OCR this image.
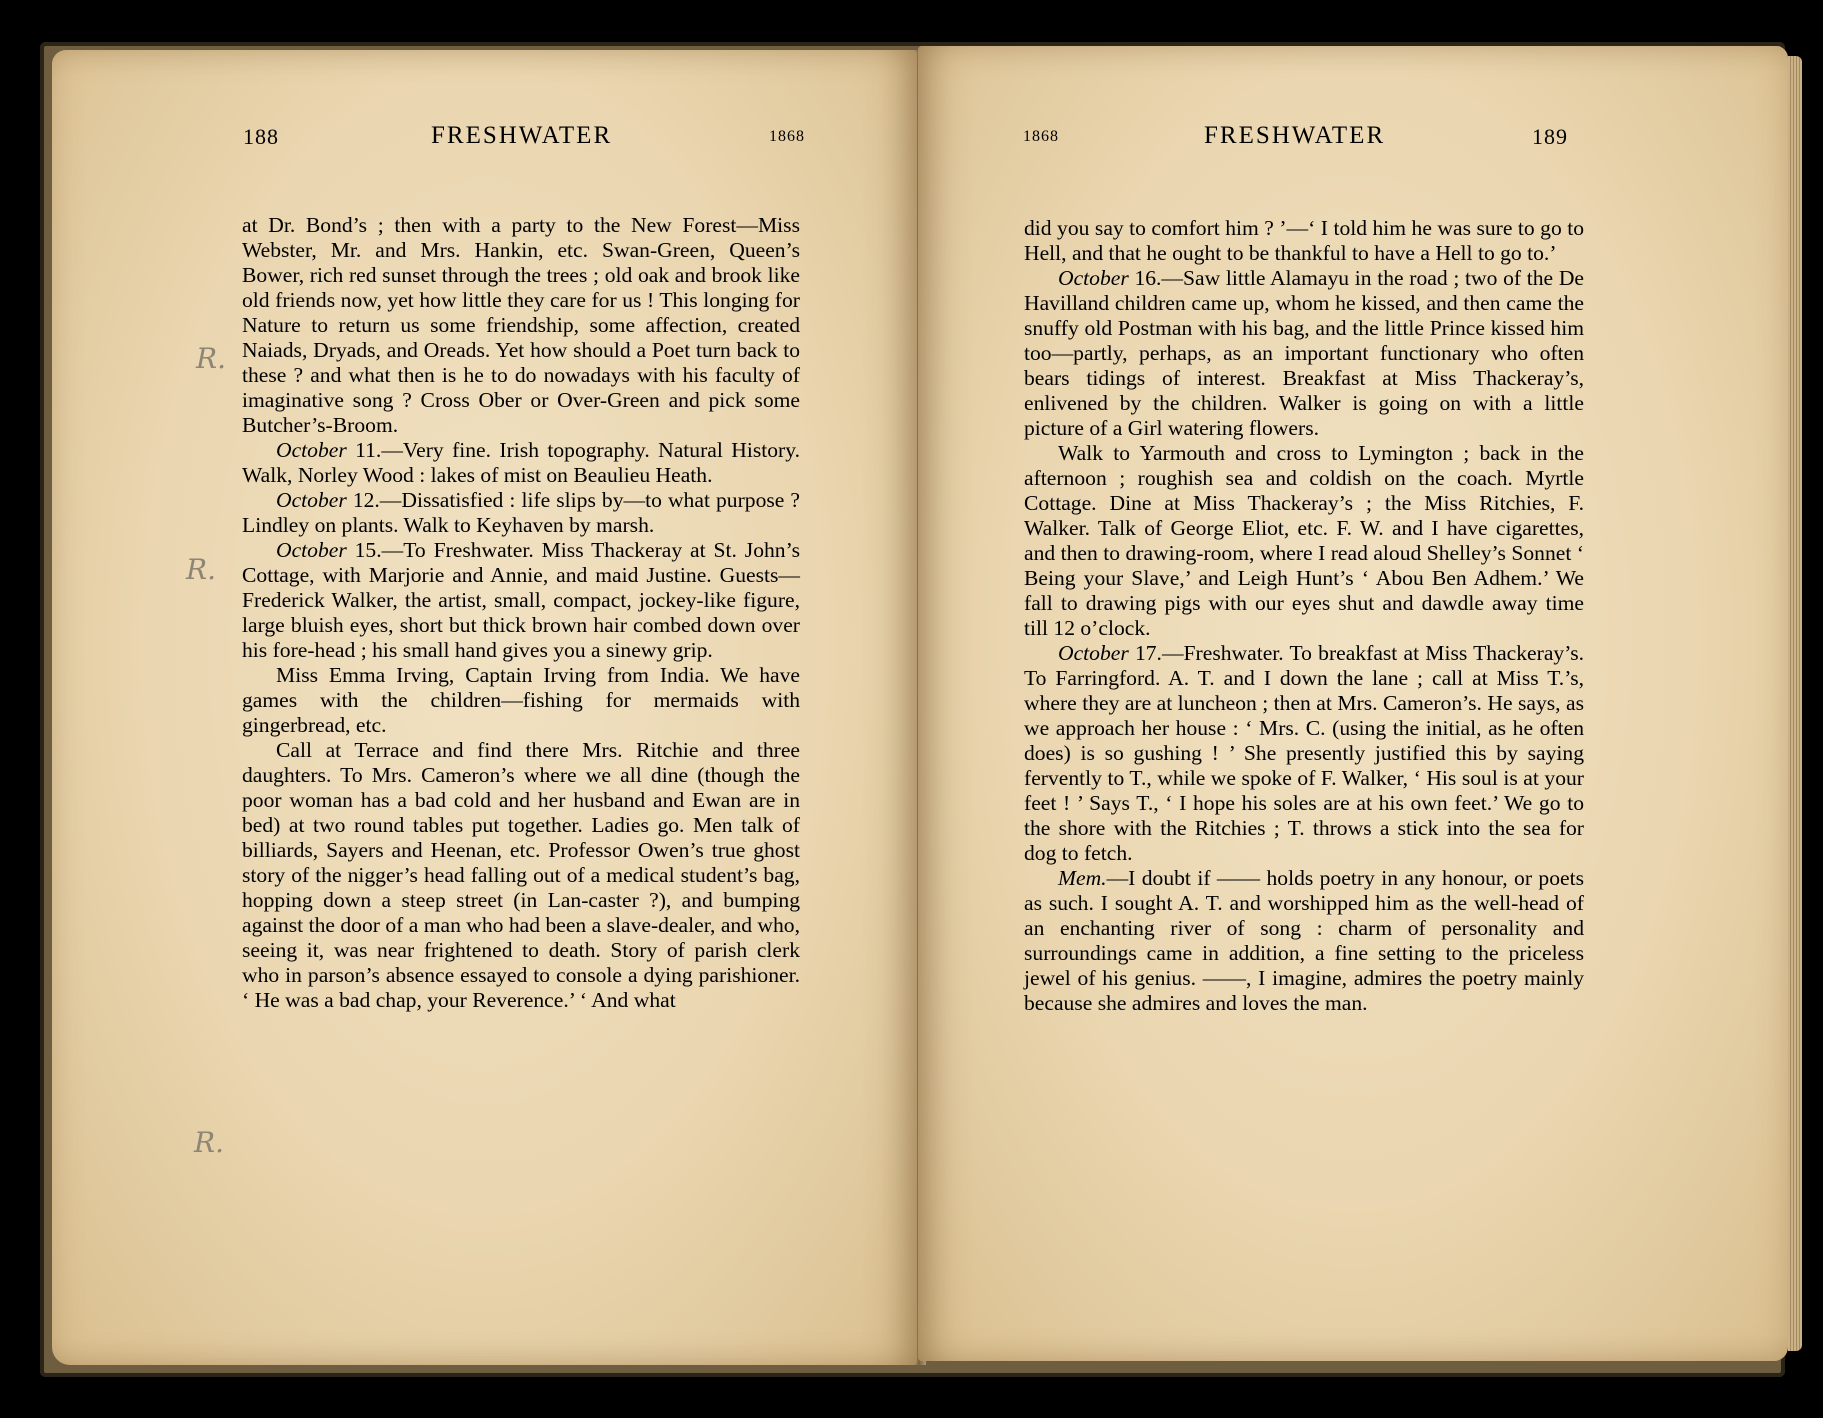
188	FRESHWATER	1868

at Dr. Bond’s ; then with a party to the New Forest—Miss Webster, Mr. and Mrs. Hankin, etc. Swan-Green, Queen’s Bower, rich red sunset through the trees ; old oak and brook like old friends now, yet how little they care for us ! This longing for Nature to return us some friendship, some affection, created Naiads, Dryads, and Oreads. Yet how should a Poet turn back to these ? and what then is he to do nowadays with his faculty of imaginative song ? Cross Ober or Over-Green and pick some Butcher’s-Broom.

October 11.—Very fine. Irish topography. Natural History. Walk, Norley Wood : lakes of mist on Beaulieu Heath.

October 12.—Dissatisfied : life slips by—to what purpose ? Lindley on plants. Walk to Keyhaven by marsh.

October 15.—To Freshwater. Miss Thackeray at St. John’s Cottage, with Marjorie and Annie, and maid Justine. Guests—Frederick Walker, the artist, small, compact, jockey-like figure, large bluish eyes, short but thick brown hair combed down over his fore-head ; his small hand gives you a sinewy grip.

Miss Emma Irving, Captain Irving from India. We have games with the children—fishing for mermaids with gingerbread, etc.

Call at Terrace and find there Mrs. Ritchie and three daughters. To Mrs. Cameron’s where we all dine (though the poor woman has a bad cold and her husband and Ewan are in bed) at two round tables put together. Ladies go. Men talk of billiards, Sayers and Heenan, etc. Professor Owen’s true ghost story of the nigger’s head falling out of a medical student’s bag, hopping down a steep street (in Lan-caster ?), and bumping against the door of a man who had been a slave-dealer, and who, seeing it, was near frightened to death. Story of parish clerk who in parson’s absence essayed to console a dying parishioner. ‘ He was a bad chap, your Reverence.’ ‘ And what

R.
R.
R.
1868	FRESHWATER	189

did you say to comfort him ? ’—‘ I told him he was sure to go to Hell, and that he ought to be thankful to have a Hell to go to.’

October 16.—Saw little Alamayu in the road ; two of the De Havilland children came up, whom he kissed, and then came the snuffy old Postman with his bag, and the little Prince kissed him too—partly, perhaps, as an important functionary who often bears tidings of interest. Breakfast at Miss Thackeray’s, enlivened by the children. Walker is going on with a little picture of a Girl watering flowers.

Walk to Yarmouth and cross to Lymington ; back in the afternoon ; roughish sea and coldish on the coach. Myrtle Cottage. Dine at Miss Thackeray’s ; the Miss Ritchies, F. Walker. Talk of George Eliot, etc. F. W. and I have cigarettes, and then to drawing-room, where I read aloud Shelley’s Sonnet ‘ Being your Slave,’ and Leigh Hunt’s ‘ Abou Ben Adhem.’ We fall to drawing pigs with our eyes shut and dawdle away time till 12 o’clock.

October 17.—Freshwater. To breakfast at Miss Thackeray’s. To Farringford. A. T. and I down the lane ; call at Miss T.’s, where they are at luncheon ; then at Mrs. Cameron’s. He says, as we approach her house : ‘ Mrs. C. (using the initial, as he often does) is so gushing ! ’ She presently justified this by saying fervently to T., while we spoke of F. Walker, ‘ His soul is at your feet ! ’ Says T., ‘ I hope his soles are at his own feet.’ We go to the shore with the Ritchies ; T. throws a stick into the sea for dog to fetch.

Mem.—I doubt if —— holds poetry in any honour, or poets as such. I sought A. T. and worshipped him as the well-head of an enchanting river of song : charm of personality and surroundings came in addition, a fine setting to the priceless jewel of his genius. ——, I imagine, admires the poetry mainly because she admires and loves the man.
